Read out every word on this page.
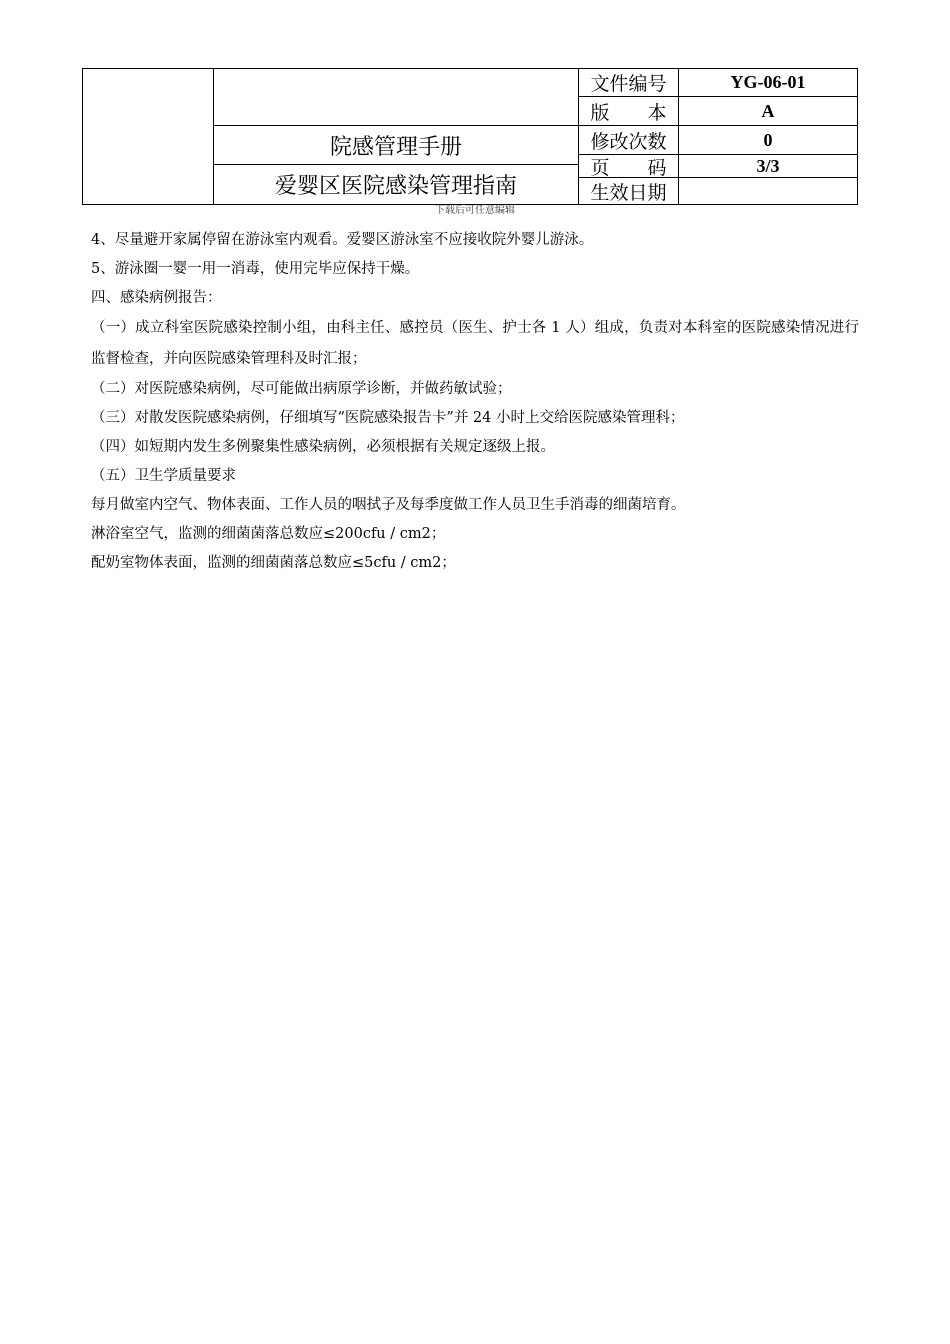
院感管理手册
爱婴区医院感染管理指南
文件编号	YG-06-01
版 本	A
修改次数	0
页 码	3/3
生效日期
下载后可任意编辑

4、尽量避开家属停留在游泳室内观看。爱婴区游泳室不应接收院外婴儿游泳。

5、游泳圈一婴一用一消毒，使用完毕应保持干燥。

四、感染病例报告：

（一）成立科室医院感染控制小组，由科主任、感控员（医生、护士各 1 人）组成，负责对本科室的医院感染情况进行监督检查，并向医院感染管理科及时汇报；

（二）对医院感染病例，尽可能做出病原学诊断，并做药敏试验；

（三）对散发医院感染病例，仔细填写“医院感染报告卡”并 24 小时上交给医院感染管理科；

（四）如短期内发生多例聚集性感染病例，必须根据有关规定逐级上报。

（五）卫生学质量要求

每月做室内空气、物体表面、工作人员的咽拭子及每季度做工作人员卫生手消毒的细菌培育。

淋浴室空气，监测的细菌菌落总数应≤200cfu / cm2；

配奶室物体表面，监测的细菌菌落总数应≤5cfu / cm2；
